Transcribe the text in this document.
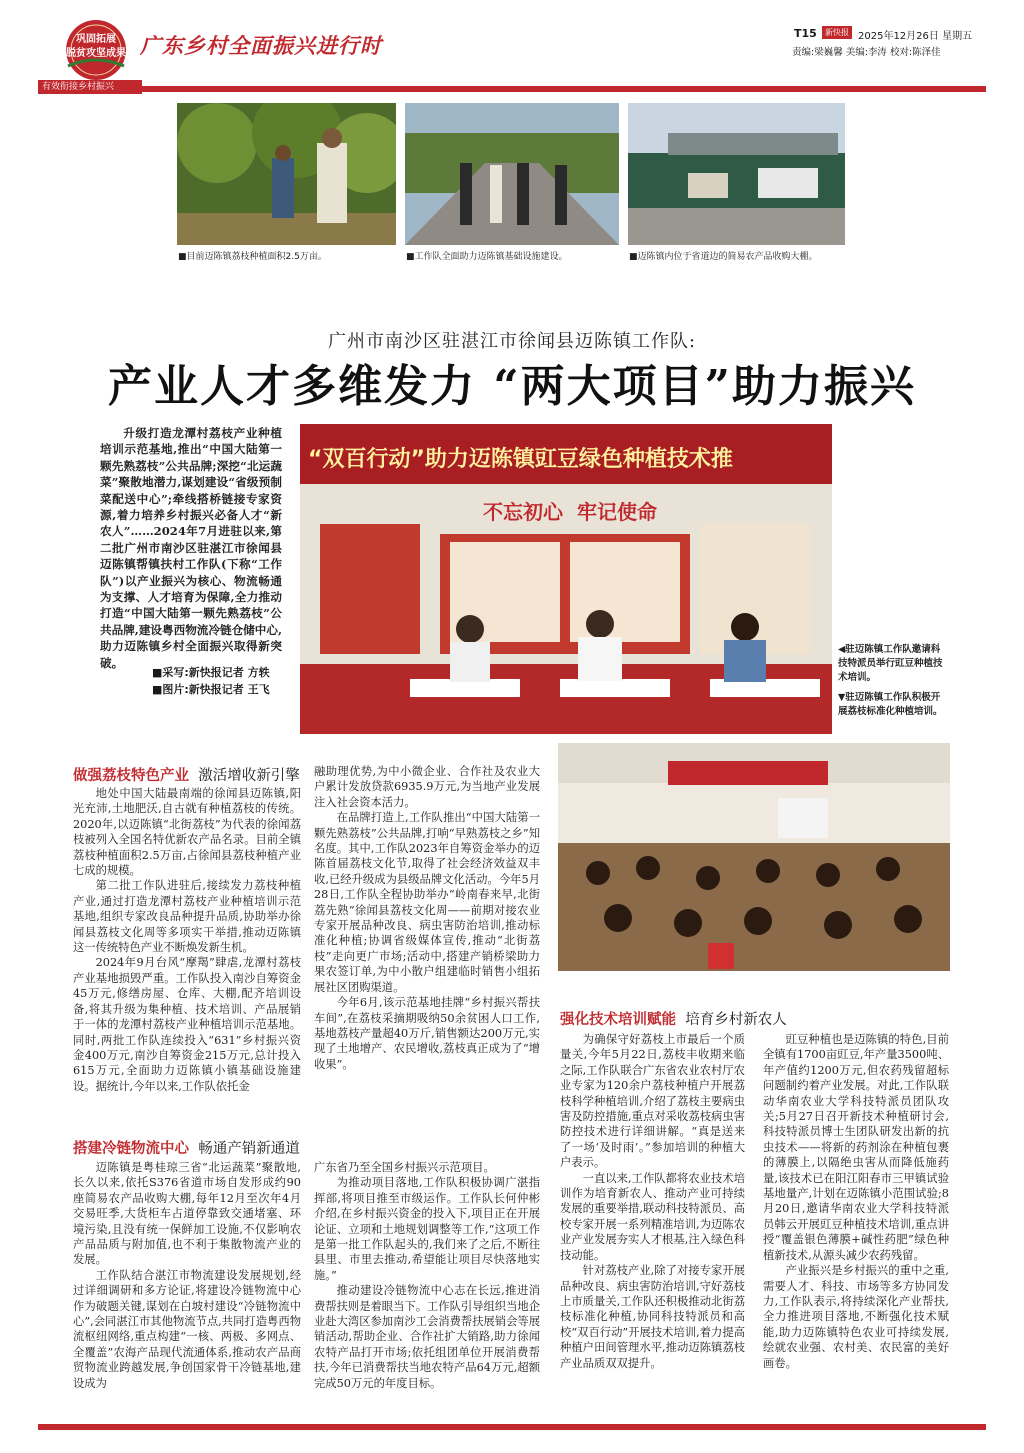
巩固拓展
脱贫攻坚成果 广东乡村全面振兴进行时
有效衔接乡村振兴
T15	新快报 2025年12月26日 星期五
责编:梁巍馨 美编:李涛 校对:陈泽佳
■目前迈陈镇荔枝种植面积2.5万亩。	■工作队全面助力迈陈镇基础设施建设。	■迈陈镇内位于省道边的简易农产品收购大棚。
广州市南沙区驻湛江市徐闻县迈陈镇工作队:
产业人才多维发力 “两大项目”助力振兴
升级打造龙潭村荔枝产业种植培训示范基地,推出“中国大陆第一颗先熟荔枝”公共品牌;深挖“北运蔬菜”聚散地潜力,谋划建设“省级预制菜配送中心”;牵线搭桥链接专家资源,着力培养乡村振兴必备人才“新农人”……2024年7月进驻以来,第二批广州市南沙区驻湛江市徐闻县迈陈镇帮镇扶村工作队(下称“工作队”)以产业振兴为核心、物流畅通为支撑、人才培育为保障,全力推动打造“中国大陆第一颗先熟荔枝”公共品牌,建设粤西物流冷链仓储中心,助力迈陈镇乡村全面振兴取得新突破。
■采写:新快报记者 方轶
■图片:新快报记者 王飞
“双百行动”助力迈陈镇豇豆绿色种植技术推
不忘初心  牢记使命
◀驻迈陈镇工作队邀请科技特派员举行豇豆种植技术培训。
▼驻迈陈镇工作队积极开展荔枝标准化种植培训。
做强荔枝特色产业 激活增收新引擎

地处中国大陆最南端的徐闻县迈陈镇,阳光充沛,土地肥沃,自古就有种植荔枝的传统。2020年,以迈陈镇“北街荔枝”为代表的徐闻荔枝被列入全国名特优新农产品名录。目前全镇荔枝种植面积2.5万亩,占徐闻县荔枝种植产业七成的规模。

第二批工作队进驻后,接续发力荔枝种植产业,通过打造龙潭村荔枝产业种植培训示范基地,组织专家改良品种提升品质,协助举办徐闻县荔枝文化周等多项实干举措,推动迈陈镇这一传统特色产业不断焕发新生机。

2024年9月台风“摩羯”肆虐,龙潭村荔枝产业基地损毁严重。工作队投入南沙自筹资金45万元,修缮房屋、仓库、大棚,配齐培训设备,将其升级为集种植、技术培训、产品展销于一体的龙潭村荔枝产业种植培训示范基地。同时,两批工作队连续投入“631”乡村振兴资金400万元,南沙自筹资金215万元,总计投入615万元,全面助力迈陈镇小镇基础设施建设。据统计,今年以来,工作队依托金

融助理优势,为中小微企业、合作社及农业大户累计发放贷款6935.9万元,为当地产业发展注入社会资本活力。

在品牌打造上,工作队推出“中国大陆第一颗先熟荔枝”公共品牌,打响“早熟荔枝之乡”知名度。其中,工作队2023年自筹资金举办的迈陈首届荔枝文化节,取得了社会经济效益双丰收,已经升级成为县级品牌文化活动。今年5月28日,工作队全程协助举办“岭南春来早,北街荔先熟”徐闻县荔枝文化周——前期对接农业专家开展品种改良、病虫害防治培训,推动标准化种植;协调省级媒体宣传,推动“北街荔枝”走向更广市场;活动中,搭建产销桥梁助力果农签订单,为中小散户组建临时销售小组拓展社区团购渠道。

今年6月,该示范基地挂牌“乡村振兴帮扶车间”,在荔枝采摘期吸纳50余贫困人口工作,基地荔枝产量超40万斤,销售额达200万元,实现了土地增产、农民增收,荔枝真正成为了“增收果”。

搭建冷链物流中心 畅通产销新通道

迈陈镇是粤桂琼三省“北运蔬菜”聚散地,长久以来,依托S376省道市场自发形成约90座简易农产品收购大棚,每年12月至次年4月交易旺季,大货柜车占道停靠致交通堵塞、环境污染,且没有统一保鲜加工设施,不仅影响农产品品质与附加值,也不利于集散物流产业的发展。

工作队结合湛江市物流建设发展规划,经过详细调研和多方论证,将建设冷链物流中心作为破题关键,谋划在白坡村建设“冷链物流中心”,会同湛江市其他物流节点,共同打造粤西物流枢纽网络,重点构建“一核、两极、多网点、全覆盖”农海产品现代流通体系,推动农产品商贸物流业跨越发展,争创国家骨干冷链基地,建设成为

广东省乃至全国乡村振兴示范项目。

为推动项目落地,工作队积极协调广湛指挥部,将项目推至市级运作。工作队长何仲彬介绍,在乡村振兴资金的投入下,项目正在开展论证、立项和土地规划调整等工作,“这项工作是第一批工作队起头的,我们来了之后,不断往县里、市里去推动,希望能让项目尽快落地实施。”

推动建设冷链物流中心志在长远,推进消费帮扶则是着眼当下。工作队引导组织当地企业赴大湾区参加南沙工会消费帮扶展销会等展销活动,帮助企业、合作社扩大销路,助力徐闻农特产品打开市场;依托组团单位开展消费帮扶,今年已消费帮扶当地农特产品64万元,超额完成50万元的年度目标。

强化技术培训赋能 培育乡村新农人

为确保守好荔枝上市最后一个质量关,今年5月22日,荔枝丰收期来临之际,工作队联合广东省农业农村厅农业专家为120余户荔枝种植户开展荔枝科学种植培训,介绍了荔枝主要病虫害及防控措施,重点对采收荔枝病虫害防控技术进行详细讲解。“真是送来了一场‘及时雨’。”参加培训的种植大户表示。

一直以来,工作队都将农业技术培训作为培育新农人、推动产业可持续发展的重要举措,联动科技特派员、高校专家开展一系列精准培训,为迈陈农业产业发展夯实人才根基,注入绿色科技动能。

针对荔枝产业,除了对接专家开展品种改良、病虫害防治培训,守好荔枝上市质量关,工作队还积极推动北街荔枝标准化种植,协同科技特派员和高校“双百行动”开展技术培训,着力提高种植户田间管理水平,推动迈陈镇荔枝产业品质双双提升。

豇豆种植也是迈陈镇的特色,目前全镇有1700亩豇豆,年产量3500吨、年产值约1200万元,但农药残留超标问题制约着产业发展。对此,工作队联动华南农业大学科技特派员团队攻关;5月27日召开新技术种植研讨会,科技特派员博士生团队研发出新的抗虫技术——将新的药剂涂在种植包裹的薄膜上,以隔绝虫害从而降低施药量,该技术已在阳江阳春市三甲镇试验基地量产,计划在迈陈镇小范围试验;8月20日,邀请华南农业大学科技特派员韩云开展豇豆种植技术培训,重点讲授“覆盖银色薄膜+碱性药肥”绿色种植新技术,从源头减少农药残留。

产业振兴是乡村振兴的重中之重,需要人才、科技、市场等多方协同发力,工作队表示,将持续深化产业帮扶,全力推进项目落地,不断强化技术赋能,助力迈陈镇特色农业可持续发展,绘就农业强、农村美、农民富的美好画卷。
